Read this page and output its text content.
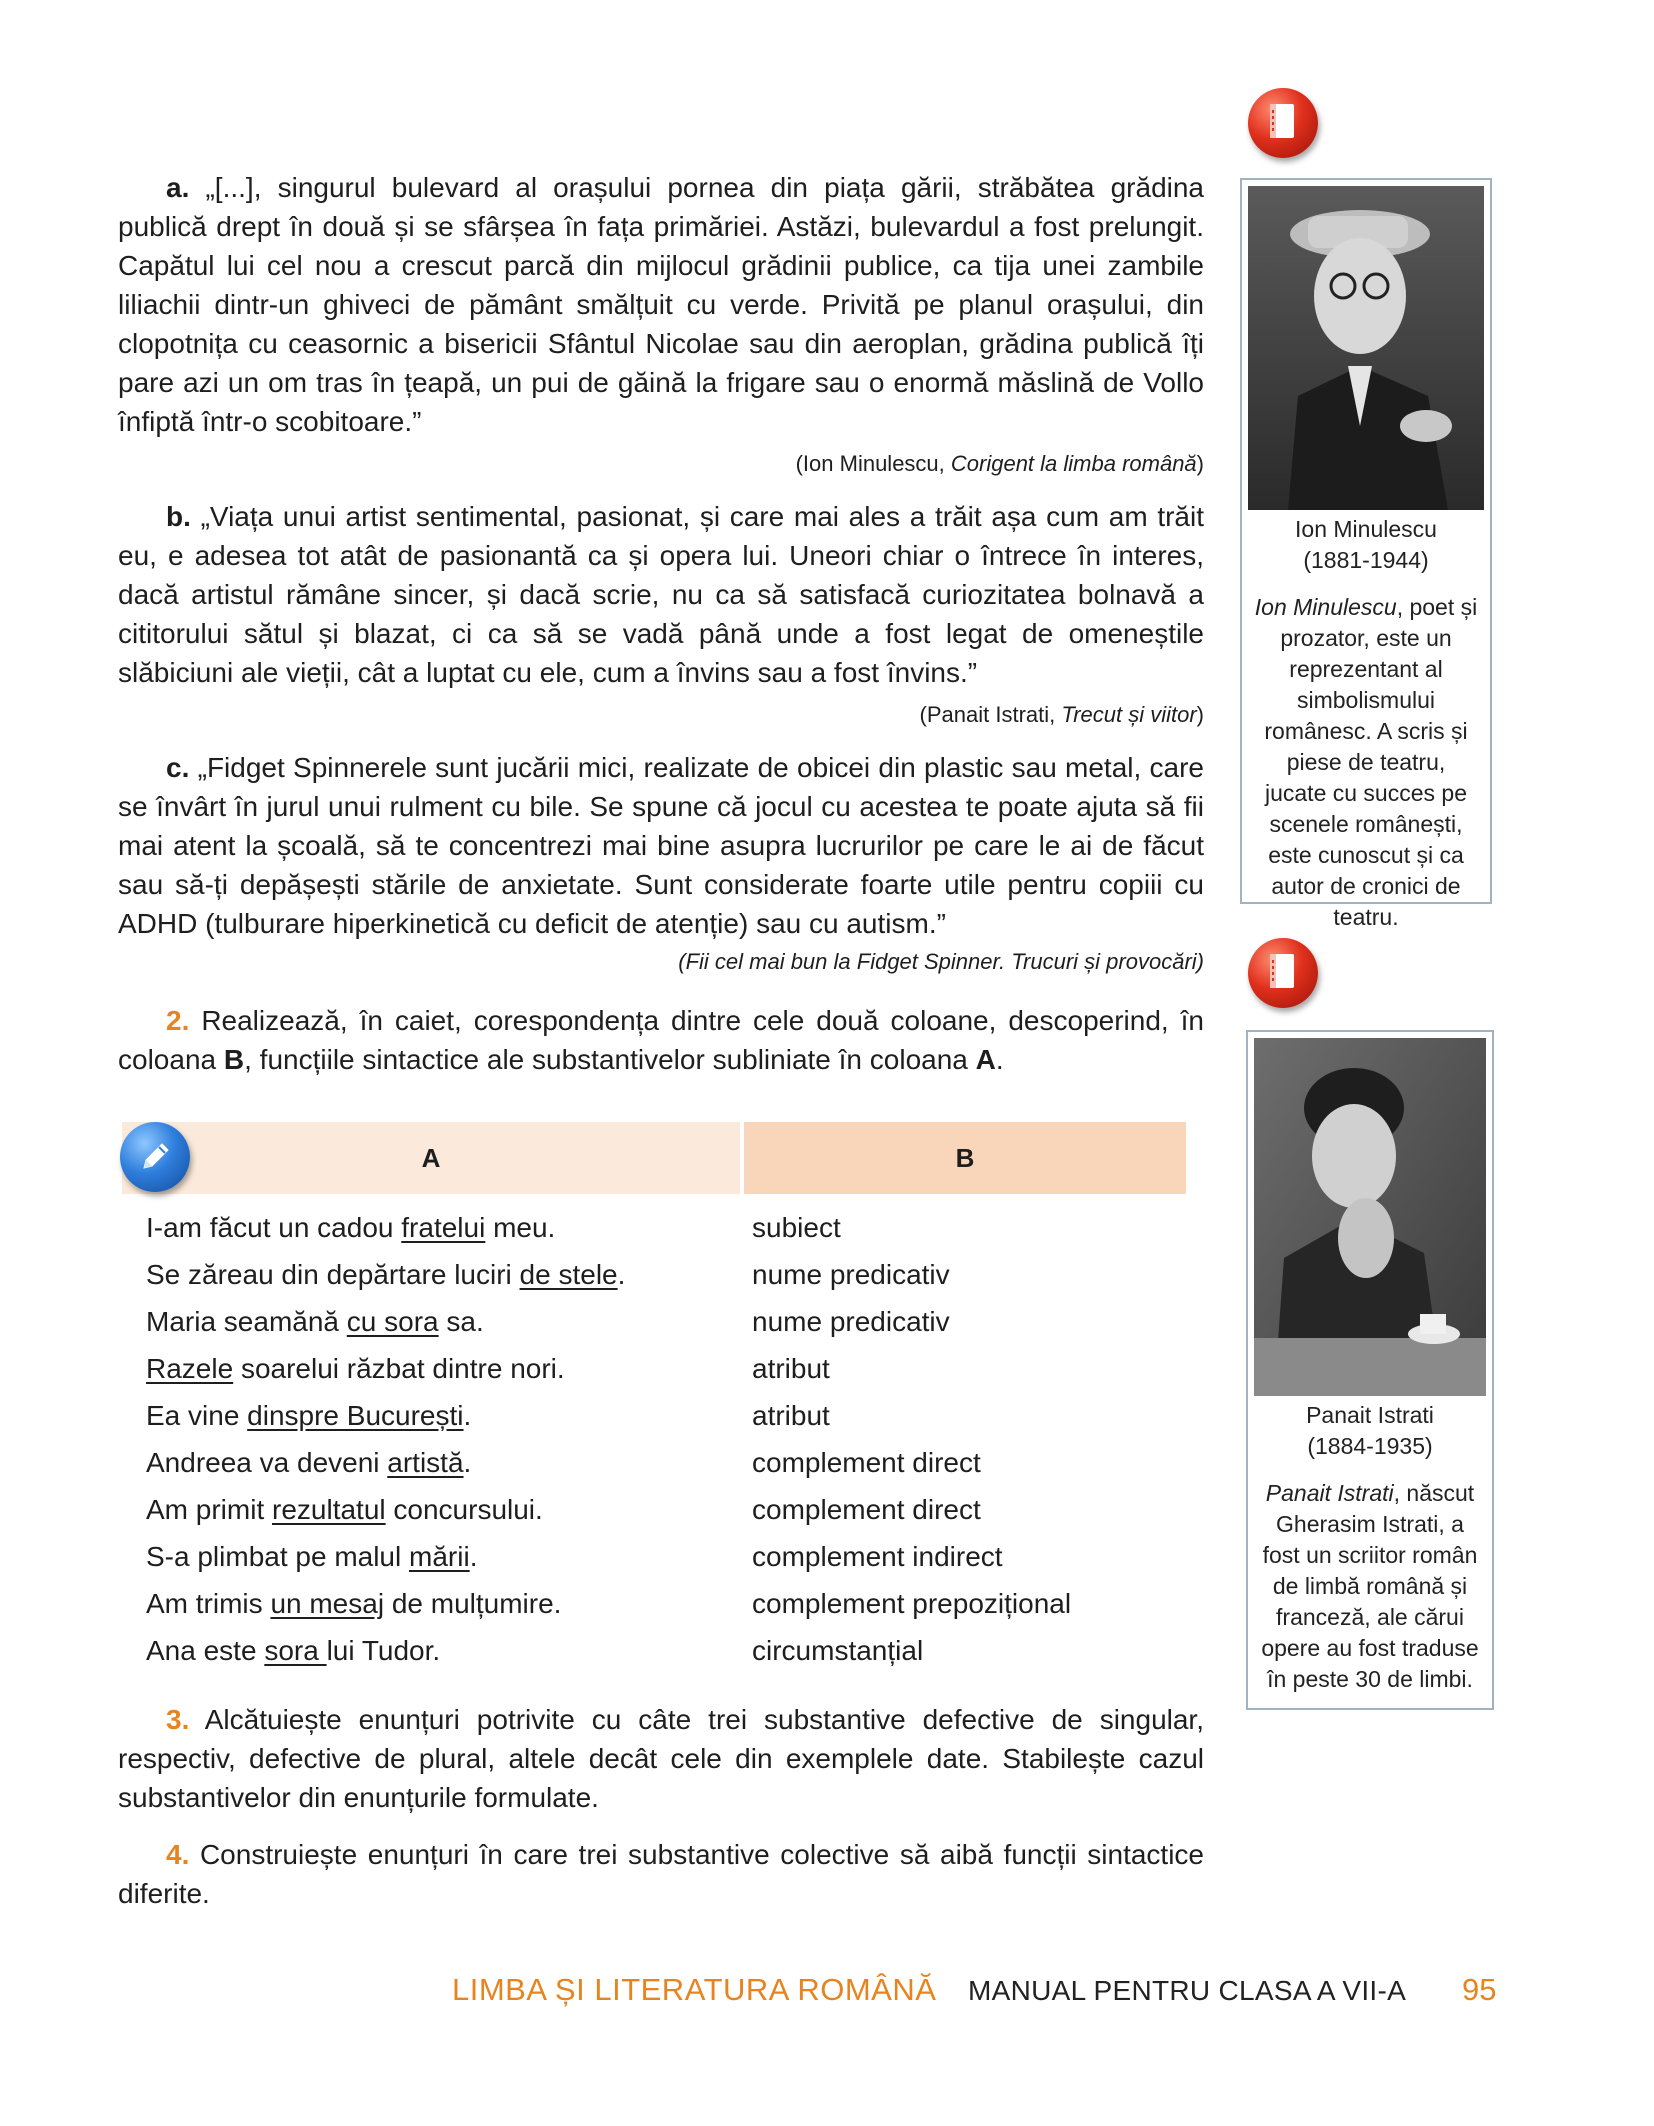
a. „[...], singurul bulevard al orașului pornea din piața gării, străbătea grădina publică drept în două și se sfârșea în fața primăriei. Astăzi, bulevardul a fost prelungit. Capătul lui cel nou a crescut parcă din mijlocul grădinii publice, ca tija unei zambile liliachii dintr-un ghiveci de pământ smălțuit cu verde. Privită pe planul orașului, din clopotnița cu ceasornic a bisericii Sfântul Nicolae sau din aeroplan, grădina publică îți pare azi un om tras în țeapă, un pui de găină la frigare sau o enormă măslină de Vollo înfiptă într-o scobitoare.”

(Ion Minulescu, Corigent la limba română)

b. „Viața unui artist sentimental, pasionat, și care mai ales a trăit așa cum am trăit eu, e adesea tot atât de pasionantă ca și opera lui. Uneori chiar o întrece în interes, dacă artistul rămâne sincer, și dacă scrie, nu ca să satisfacă curiozitatea bolnavă a cititorului sătul și blazat, ci ca să se vadă până unde a fost legat de omeneștile slăbiciuni ale vieții, cât a luptat cu ele, cum a învins sau a fost învins.”

(Panait Istrati, Trecut și viitor)

c. „Fidget Spinnerele sunt jucării mici, realizate de obicei din plastic sau metal, care se învârt în jurul unui rulment cu bile. Se spune că jocul cu acestea te poate ajuta să fii mai atent la școală, să te concentrezi mai bine asupra lucrurilor pe care le ai de făcut sau să-ți depășești stările de anxietate. Sunt considerate foarte utile pentru copiii cu ADHD (tulburare hiperkinetică cu deficit de atenție) sau cu autism.”

(Fii cel mai bun la Fidget Spinner. Trucuri și provocări)

2. Realizează, în caiet, corespondența dintre cele două coloane, descoperind, în coloana B, funcțiile sintactice ale substantivelor subliniate în coloana A.

A	B
I-am făcut un cadou fratelui meu.	subiect
Se zăreau din depărtare luciri de stele.	nume predicativ
Maria seamănă cu sora sa.	nume predicativ
Razele soarelui răzbat dintre nori.	atribut
Ea vine dinspre București.	atribut
Andreea va deveni artistă.	complement direct
Am primit rezultatul concursului.	complement direct
S-a plimbat pe malul mării.	complement indirect
Am trimis un mesaj de mulțumire.	complement prepozițional
Ana este sora lui Tudor.	circumstanțial

3. Alcătuiește enunțuri potrivite cu câte trei substantive defective de singular, respectiv, defective de plural, altele decât cele din exemplele date. Stabilește cazul substantivelor din enunțurile formulate.

4. Construiește enunțuri în care trei substantive colective să aibă funcții sintactice diferite.

Ion Minulescu
(1881-1944)
Ion Minulescu, poet și prozator, este un reprezentant al simbolismului românesc. A scris și piese de teatru, jucate cu succes pe scenele românești, este cunoscut și ca autor de cronici de teatru.
Panait Istrati
(1884-1935)
Panait Istrati, născut Gherasim Istrati, a fost un scriitor român de limbă română și franceză, ale cărui opere au fost traduse în peste 30 de limbi.
LIMBA ȘI LITERATURA ROMÂNĂ MANUAL PENTRU CLASA A VII-A 95
